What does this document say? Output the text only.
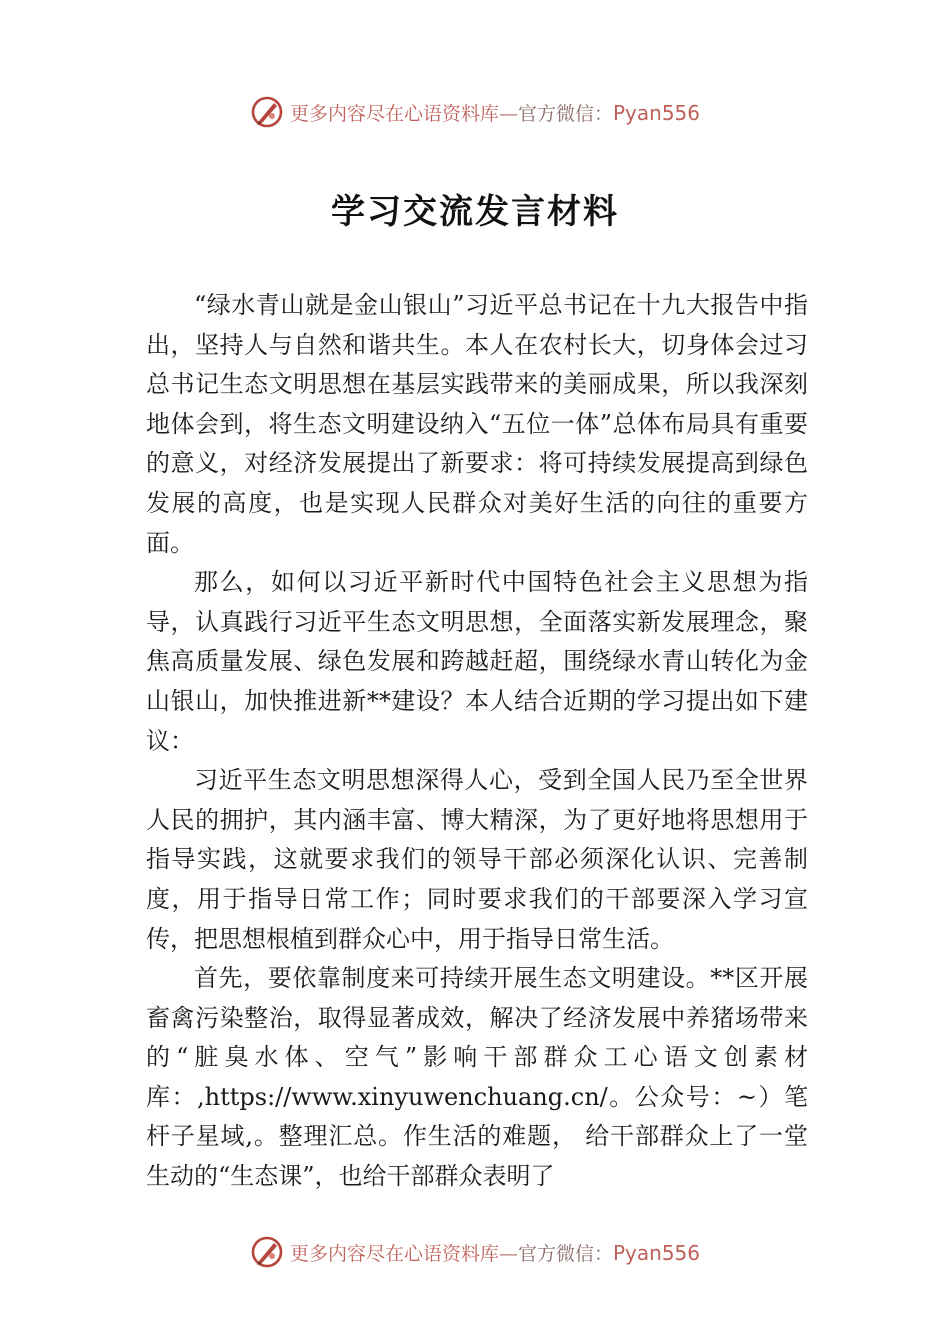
更多内容尽在心语资料库—官方微信：Pyan556
学习交流发言材料

“绿水青山就是金山银山”习近平总书记在十九大报告中指出，坚持人与自然和谐共生。本人在农村长大，切身体会过习总书记生态文明思想在基层实践带来的美丽成果，所以我深刻地体会到，将生态文明建设纳入“五位一体”总体布局具有重要的意义，对经济发展提出了新要求：将可持续发展提高到绿色发展的高度，也是实现人民群众对美好生活的向往的重要方面。

那么，如何以习近平新时代中国特色社会主义思想为指导，认真践行习近平生态文明思想，全面落实新发展理念，聚焦高质量发展、绿色发展和跨越赶超，围绕绿水青山转化为金山银山，加快推进新**建设？本人结合近期的学习提出如下建议：

习近平生态文明思想深得人心，受到全国人民乃至全世界人民的拥护，其内涵丰富、博大精深，为了更好地将思想用于指导实践，这就要求我们的领导干部必须深化认识、完善制度，用于指导日常工作；同时要求我们的干部要深入学习宣传，把思想根植到群众心中，用于指导日常生活。

首先，要依靠制度来可持续开展生态文明建设。**区开展畜禽污染整治，取得显著成效，解决了经济发展中养猪场带来的“脏臭水体、空气”影响干部群众工心语文创素材库：,https://www.xinyuwenchuang.cn/。公众号：~）笔杆子星域,。整理汇总。作生活的难题， 给干部群众上了一堂生动的“生态课”，也给干部群众表明了

更多内容尽在心语资料库—官方微信：Pyan556
